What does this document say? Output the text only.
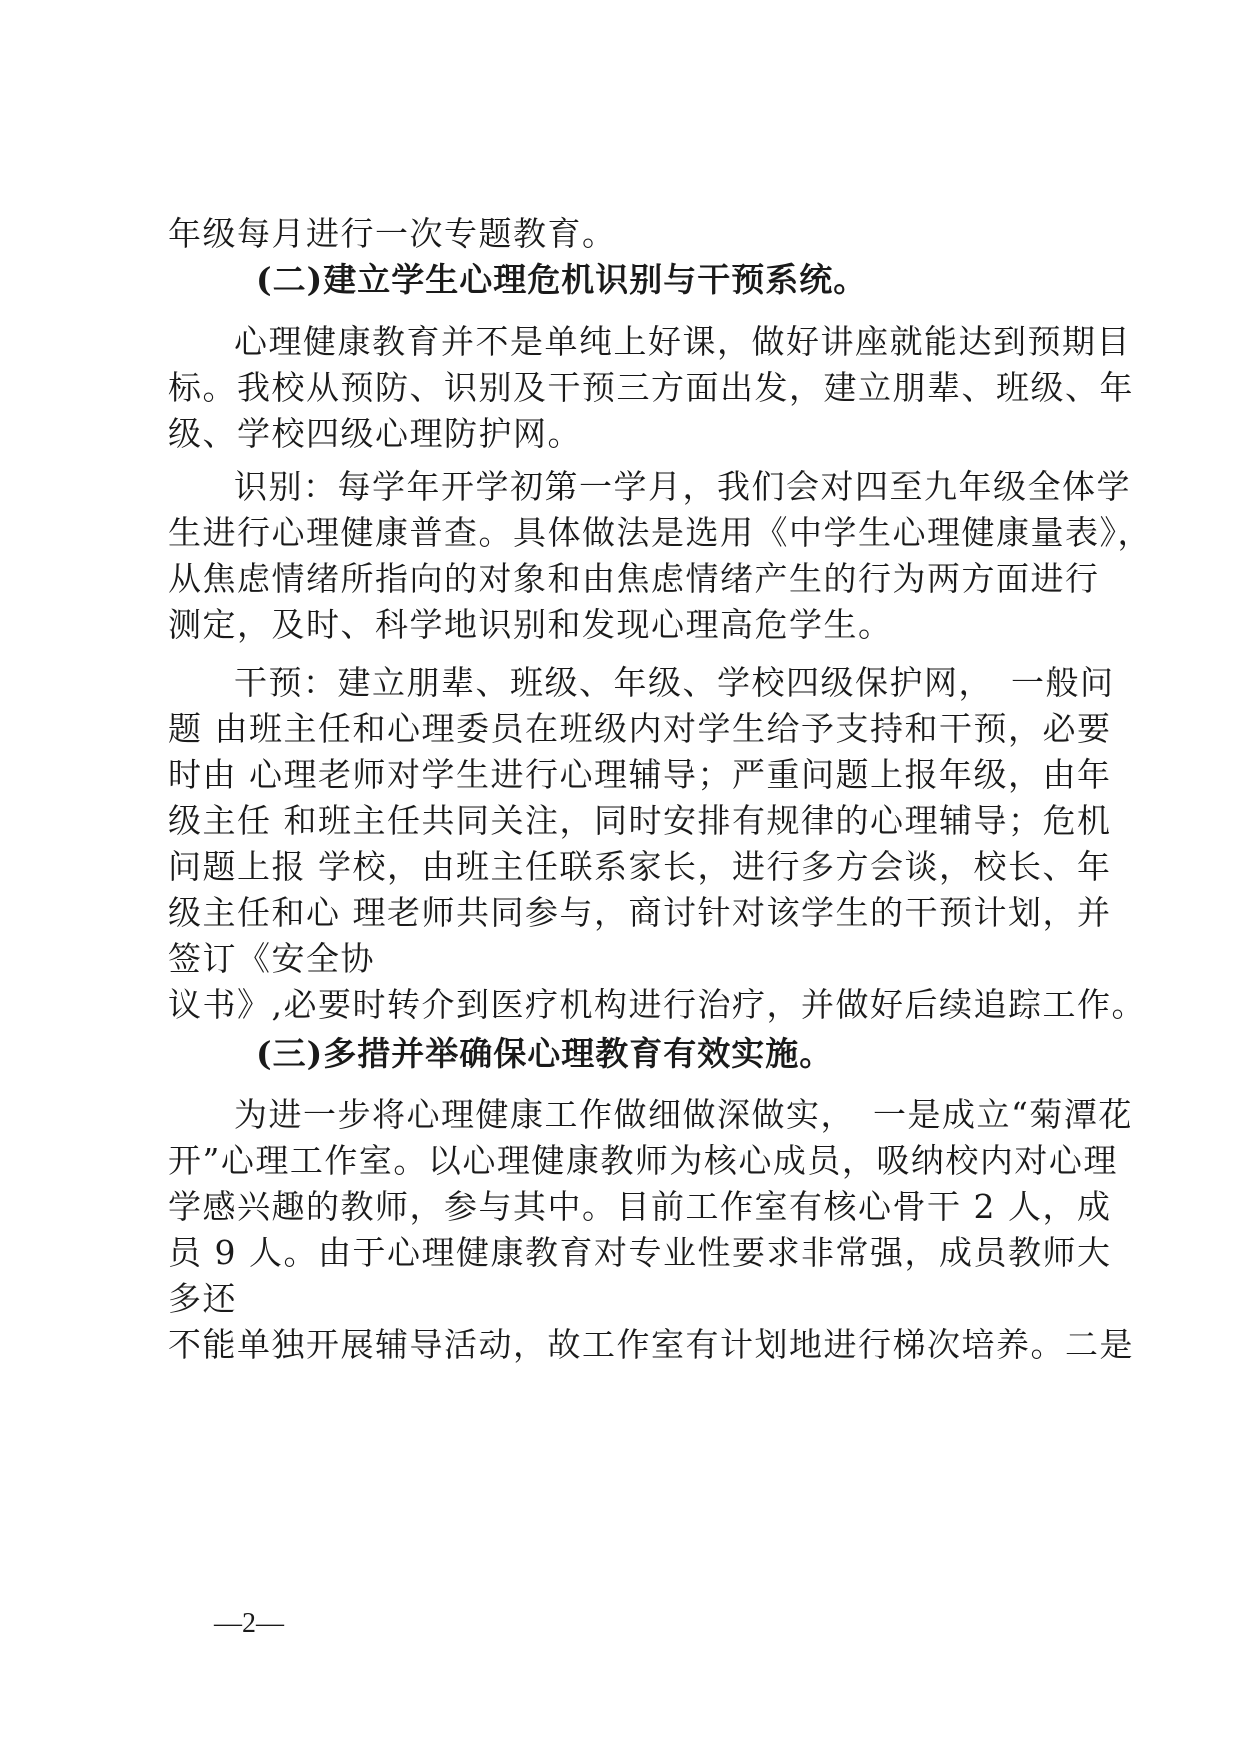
年级每月进行一次专题教育。
(二)建立学生心理危机识别与干预系统。
心理健康教育并不是单纯上好课，做好讲座就能达到预期目
标。我校从预防、识别及干预三方面出发，建立朋辈、班级、年
级、学校四级心理防护网。
识别：每学年开学初第一学月，我们会对四至九年级全体学
生进行心理健康普查。具体做法是选用《中学生心理健康量表》，
从焦虑情绪所指向的对象和由焦虑情绪产生的行为两方面进行
测定，及时、科学地识别和发现心理高危学生。
干预：建立朋辈、班级、年级、学校四级保护网，　一般问
题 由班主任和心理委员在班级内对学生给予支持和干预，必要
时由 心理老师对学生进行心理辅导；严重问题上报年级，由年
级主任 和班主任共同关注，同时安排有规律的心理辅导；危机
问题上报 学校，由班主任联系家长，进行多方会谈，校长、年
级主任和心 理老师共同参与，商讨针对该学生的干预计划，并
签订《安全协
议书》,必要时转介到医疗机构进行治疗，并做好后续追踪工作。
(三)多措并举确保心理教育有效实施。
为进一步将心理健康工作做细做深做实，　一是成立“菊潭花
开”心理工作室。以心理健康教师为核心成员，吸纳校内对心理
学感兴趣的教师，参与其中。目前工作室有核心骨干 2 人，成
员 9 人。由于心理健康教育对专业性要求非常强，成员教师大
多还
不能单独开展辅导活动，故工作室有计划地进行梯次培养。二是
—2—
